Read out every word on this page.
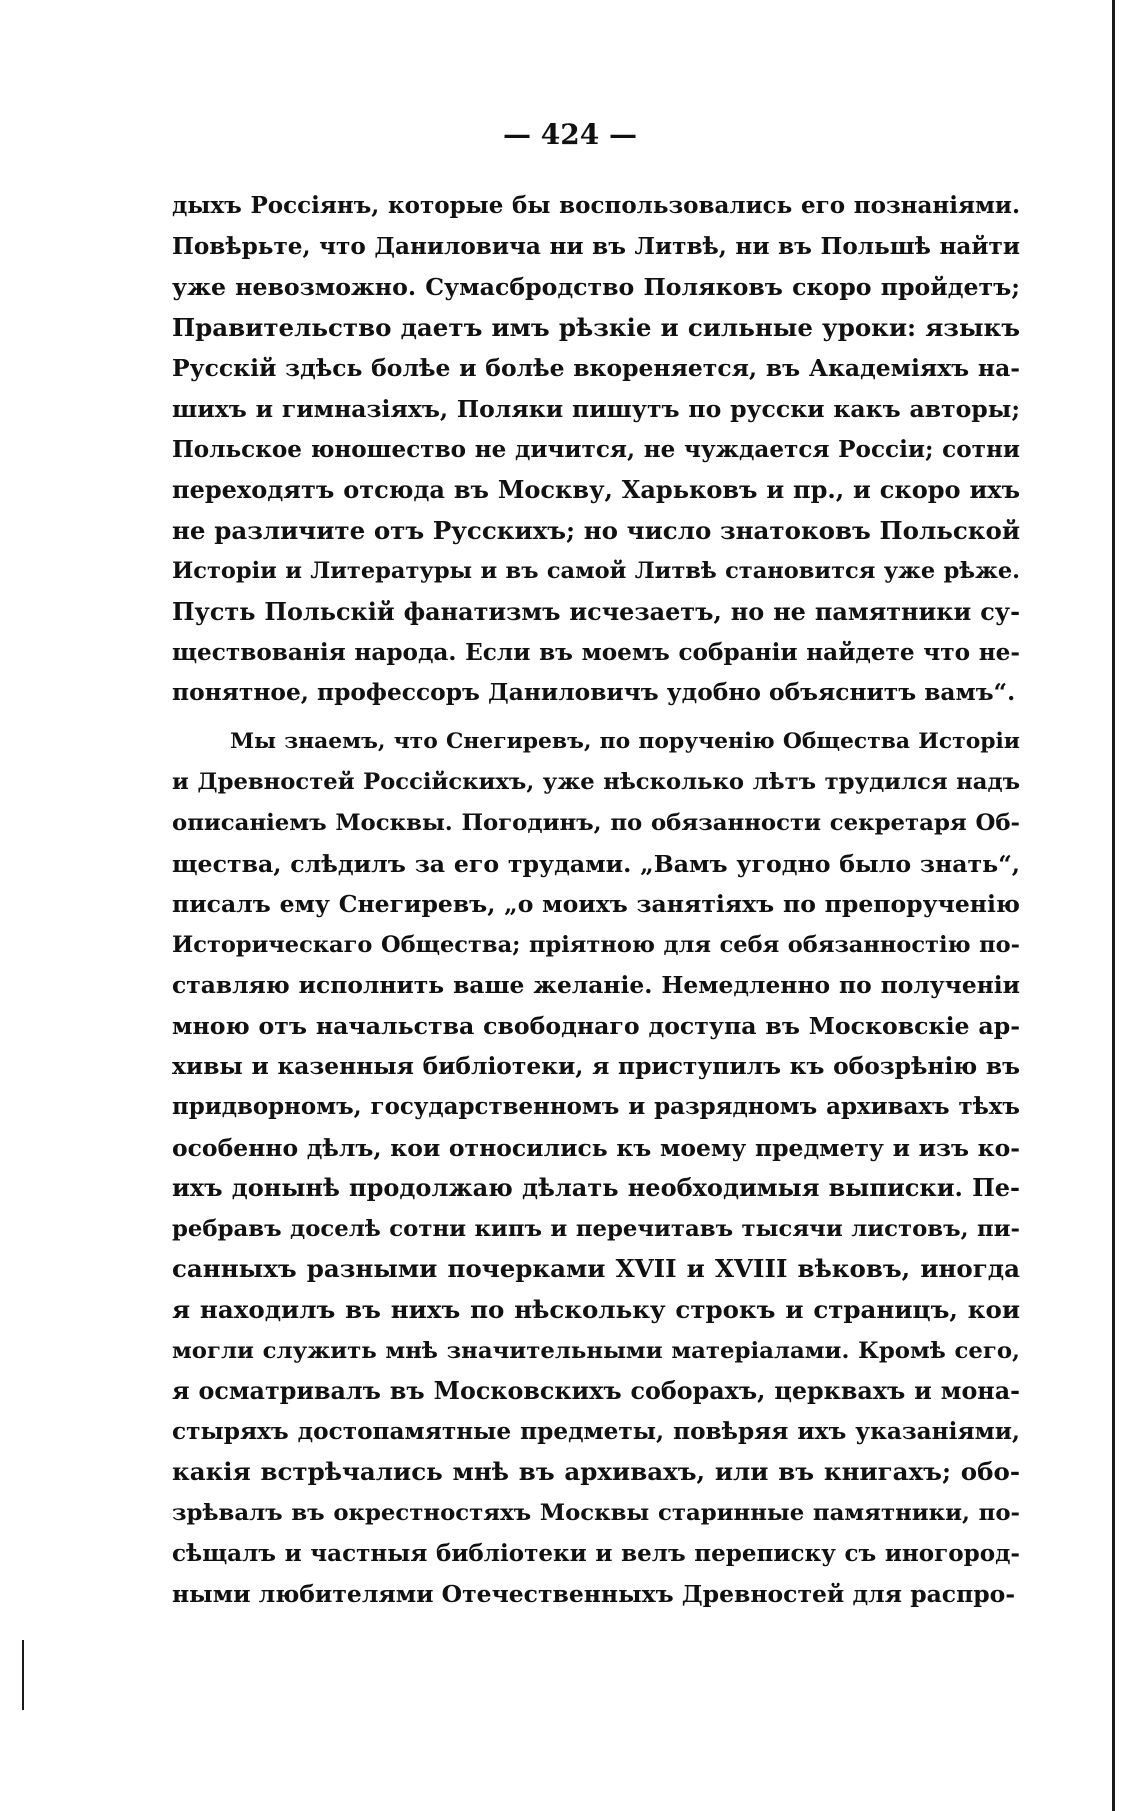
— 424 —
дыхъ Россіянъ, которые бы воспользовались его познаніями.
Повѣрьте, что Даниловича ни въ Литвѣ, ни въ Польшѣ найти
уже невозможно. Сумасбродство Поляковъ скоро пройдетъ;
Правительство даетъ имъ рѣзкіе и сильные уроки: языкъ
Русскій здѣсь болѣе и болѣе вкореняется, въ Академіяхъ на-
шихъ и гимназіяхъ, Поляки пишутъ по русски какъ авторы;
Польское юношество не дичится, не чуждается Россіи; сотни
переходятъ отсюда въ Москву, Харьковъ и пр., и скоро ихъ
не различите отъ Русскихъ; но число знатоковъ Польской
Исторіи и Литературы и въ самой Литвѣ становится уже рѣже.
Пусть Польскій фанатизмъ исчезаетъ, но не памятники су-
ществованія народа. Если въ моемъ собраніи найдете что не-
понятное, профессоръ Даниловичъ удобно объяснитъ вамъ“.
Мы знаемъ, что Снегиревъ, по порученію Общества Исторіи
и Древностей Россійскихъ, уже нѣсколько лѣтъ трудился надъ
описаніемъ Москвы. Погодинъ, по обязанности секретаря Об-
щества, слѣдилъ за его трудами. „Вамъ угодно было знать“,
писалъ ему Снегиревъ, „о моихъ занятіяхъ по препорученію
Историческаго Общества; пріятною для себя обязанностію по-
ставляю исполнить ваше желаніе. Немедленно по полученіи
мною отъ начальства свободнаго доступа въ Московскіе ар-
хивы и казенныя библіотеки, я приступилъ къ обозрѣнію въ
придворномъ, государственномъ и разрядномъ архивахъ тѣхъ
особенно дѣлъ, кои относились къ моему предмету и изъ ко-
ихъ донынѣ продолжаю дѣлать необходимыя выписки. Пе-
ребравъ доселѣ сотни кипъ и перечитавъ тысячи листовъ, пи-
санныхъ разными почерками XVII и XVIII вѣковъ, иногда
я находилъ въ нихъ по нѣскольку строкъ и страницъ, кои
могли служить мнѣ значительными матеріалами. Кромѣ сего,
я осматривалъ въ Московскихъ соборахъ, церквахъ и мона-
стыряхъ достопамятные предметы, повѣряя ихъ указаніями,
какія встрѣчались мнѣ въ архивахъ, или въ книгахъ; обо-
зрѣвалъ въ окрестностяхъ Москвы старинные памятники, по-
сѣщалъ и частныя библіотеки и велъ переписку съ иногород-
ными любителями Отечественныхъ Древностей для распро-
